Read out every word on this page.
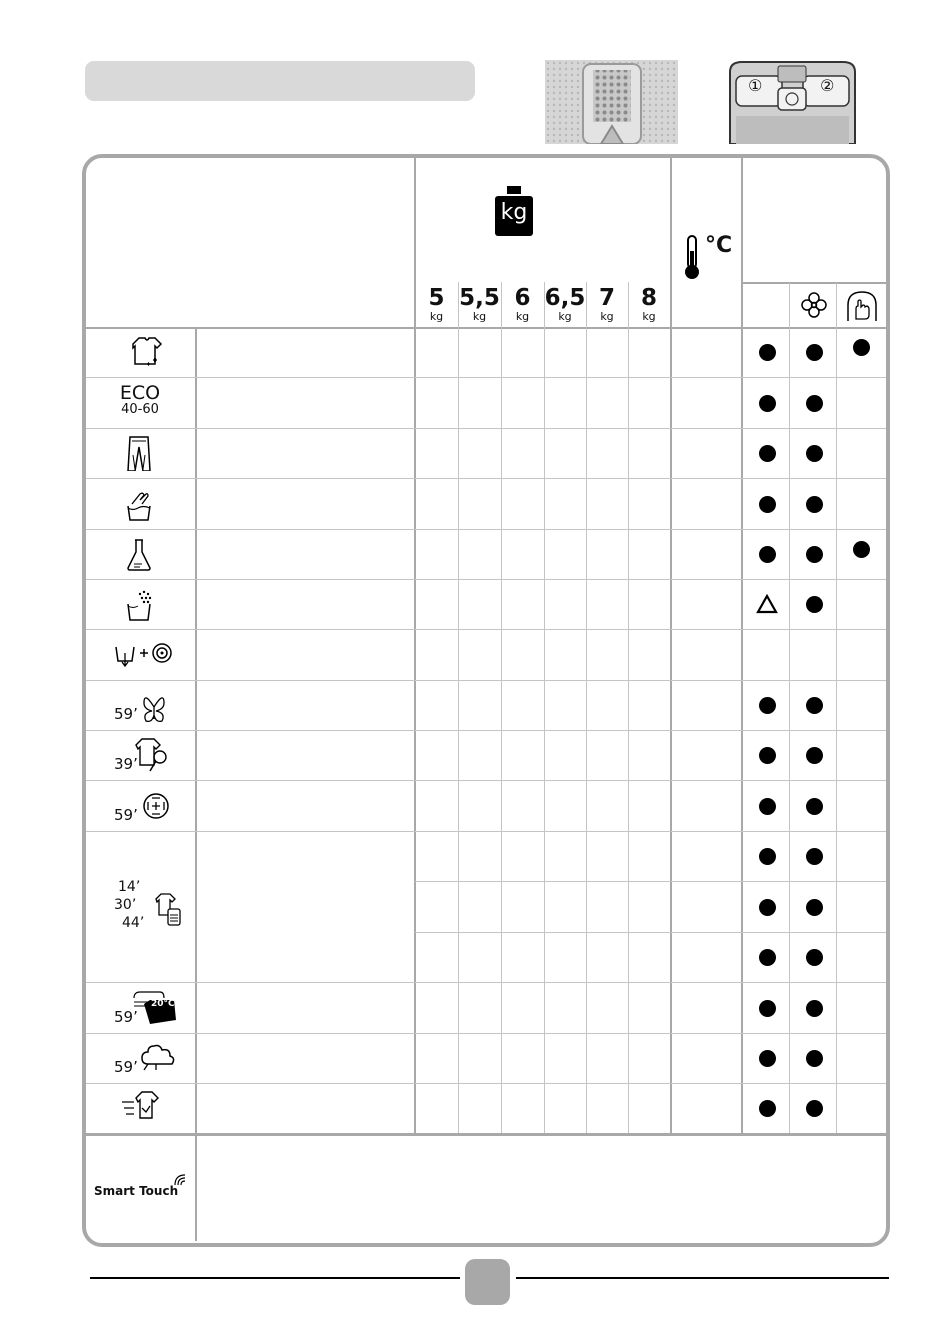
①	②
5
kg
5,5
kg
6
kg
6,5
kg
7
kg
8
kg
ECO
40-60
59’
39’
59’
14’
30’
44’
59’
20°C
59’
kg
°C
Smart Touch
